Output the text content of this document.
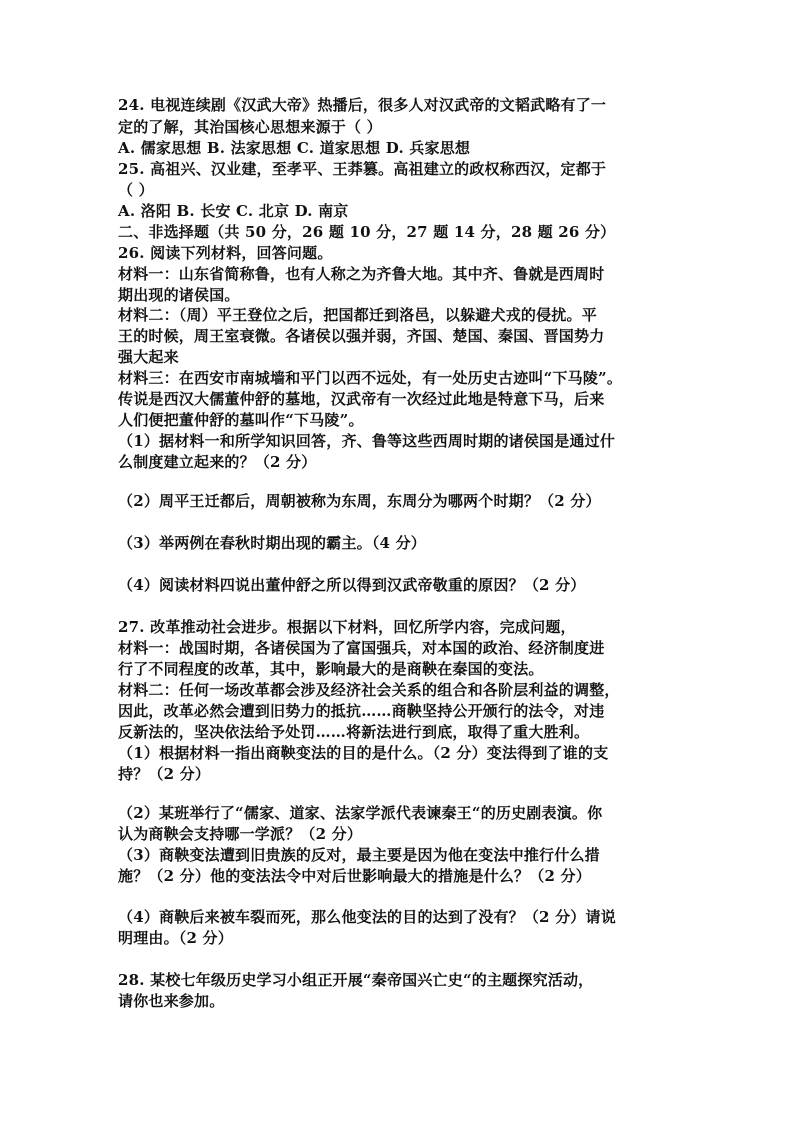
24. 电视连续剧《汉武大帝》热播后，很多人对汉武帝的文韬武略有了一
定的了解，其治国核心思想来源于（ ）
A. 儒家思想 B. 法家思想 C. 道家思想 D. 兵家思想
25. 高祖兴、汉业建，至孝平、王莽篡。高祖建立的政权称西汉，定都于
（ ）
A. 洛阳 B. 长安 C. 北京 D. 南京
二、非选择题（共 50 分，26 题 10 分，27 题 14 分，28 题 26 分）
26. 阅读下列材料，回答问题。
材料一：山东省简称鲁，也有人称之为齐鲁大地。其中齐、鲁就是西周时
期出现的诸侯国。
材料二：（周）平王登位之后，把国都迁到洛邑，以躲避犬戎的侵扰。平
王的时候，周王室衰微。各诸侯以强并弱，齐国、楚国、秦国、晋国势力
强大起来
材料三：在西安市南城墙和平门以西不远处，有一处历史古迹叫“下马陵”。
传说是西汉大儒董仲舒的墓地，汉武帝有一次经过此地是特意下马，后来
人们便把董仲舒的墓叫作“下马陵”。
（1）据材料一和所学知识回答，齐、鲁等这些西周时期的诸侯国是通过什
么制度建立起来的？（2 分）
（2）周平王迁都后，周朝被称为东周，东周分为哪两个时期？（2 分）
（3）举两例在春秋时期出现的霸主。（4 分）
（4）阅读材料四说出董仲舒之所以得到汉武帝敬重的原因？（2 分）
27. 改革推动社会进步。根据以下材料，回忆所学内容，完成问题，
材料一：战国时期，各诸侯国为了富国强兵，对本国的政治、经济制度进
行了不同程度的改革，其中，影响最大的是商鞅在秦国的变法。
材料二：任何一场改革都会涉及经济社会关系的组合和各阶层利益的调整，
因此，改革必然会遭到旧势力的抵抗……商鞅坚持公开颁行的法令，对违
反新法的，坚决依法给予处罚……将新法进行到底，取得了重大胜利。
（1）根据材料一指出商鞅变法的目的是什么。（2 分）变法得到了谁的支
持？（2 分）
（2）某班举行了“儒家、道家、法家学派代表谏秦王“的历史剧表演。你
认为商鞅会支持哪一学派？（2 分）
（3）商鞅变法遭到旧贵族的反对，最主要是因为他在变法中推行什么措
施？（2 分）他的变法法令中对后世影响最大的措施是什么？（2 分）
（4）商鞅后来被车裂而死，那么他变法的目的达到了没有？（2 分）请说
明理由。（2 分）
28. 某校七年级历史学习小组正开展“秦帝国兴亡史“的主题探究活动，
请你也来参加。
